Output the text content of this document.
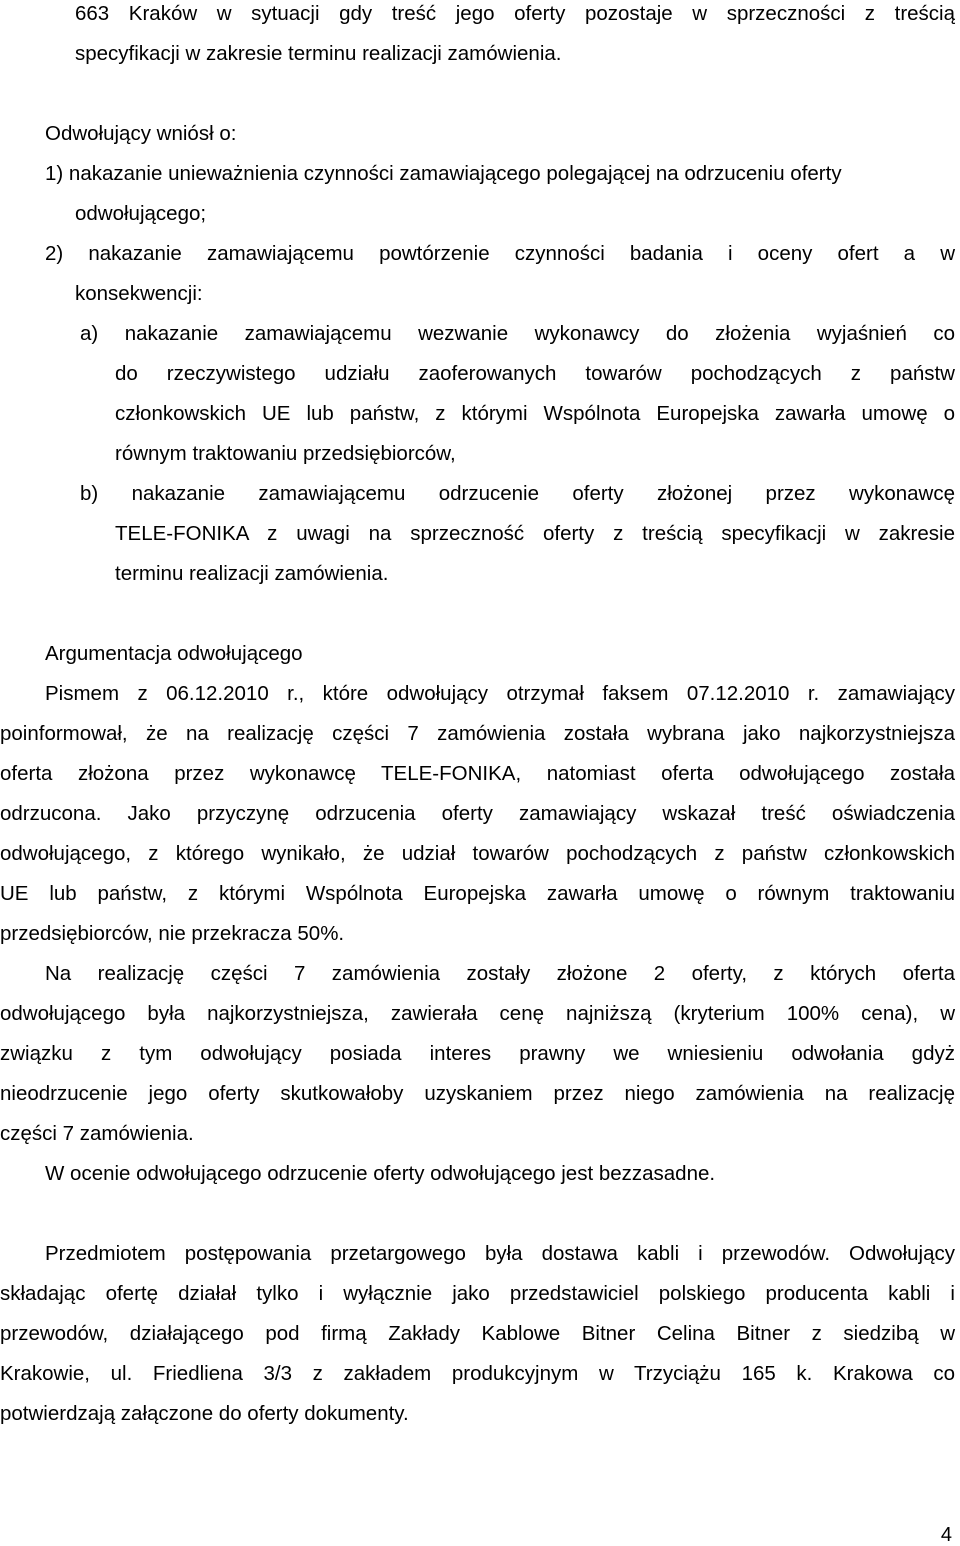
663 Kraków w sytuacji gdy treść jego oferty pozostaje w sprzeczności z treścią
specyfikacji w zakresie terminu realizacji zamówienia.
Odwołujący wniósł o:
1) nakazanie unieważnienia czynności zamawiającego polegającej na odrzuceniu oferty
odwołującego;
2) nakazanie zamawiającemu powtórzenie czynności badania i oceny ofert a w
konsekwencji:
a) nakazanie zamawiającemu wezwanie wykonawcy do złożenia wyjaśnień co
do rzeczywistego udziału zaoferowanych towarów pochodzących z państw
członkowskich UE lub państw, z którymi Wspólnota Europejska zawarła umowę o
równym traktowaniu przedsiębiorców,
b) nakazanie zamawiającemu odrzucenie oferty złożonej przez wykonawcę
TELE-FONIKA z uwagi na sprzeczność oferty z treścią specyfikacji w zakresie
terminu realizacji zamówienia.
Argumentacja odwołującego
Pismem z 06.12.2010 r., które odwołujący otrzymał faksem 07.12.2010 r. zamawiający
poinformował, że na realizację części 7 zamówienia została wybrana jako najkorzystniejsza
oferta złożona przez wykonawcę TELE-FONIKA, natomiast oferta odwołującego została
odrzucona. Jako przyczynę odrzucenia oferty zamawiający wskazał treść oświadczenia
odwołującego, z którego wynikało, że udział towarów pochodzących z państw członkowskich
UE lub państw, z którymi Wspólnota Europejska zawarła umowę o równym traktowaniu
przedsiębiorców, nie przekracza 50%.
Na realizację części 7 zamówienia zostały złożone 2 oferty, z których oferta
odwołującego była najkorzystniejsza, zawierała cenę najniższą (kryterium 100% cena), w
związku z tym odwołujący posiada interes prawny we wniesieniu odwołania gdyż
nieodrzucenie jego oferty skutkowałoby uzyskaniem przez niego zamówienia na realizację
części 7 zamówienia.
W ocenie odwołującego odrzucenie oferty odwołującego jest bezzasadne.
Przedmiotem postępowania przetargowego była dostawa kabli i przewodów. Odwołujący
składając ofertę działał tylko i wyłącznie jako przedstawiciel polskiego producenta kabli i
przewodów, działającego pod firmą Zakłady Kablowe Bitner Celina Bitner z siedzibą w
Krakowie, ul. Friedliena 3/3 z zakładem produkcyjnym w Trzyciążu 165 k. Krakowa co
potwierdzają załączone do oferty dokumenty.
4
